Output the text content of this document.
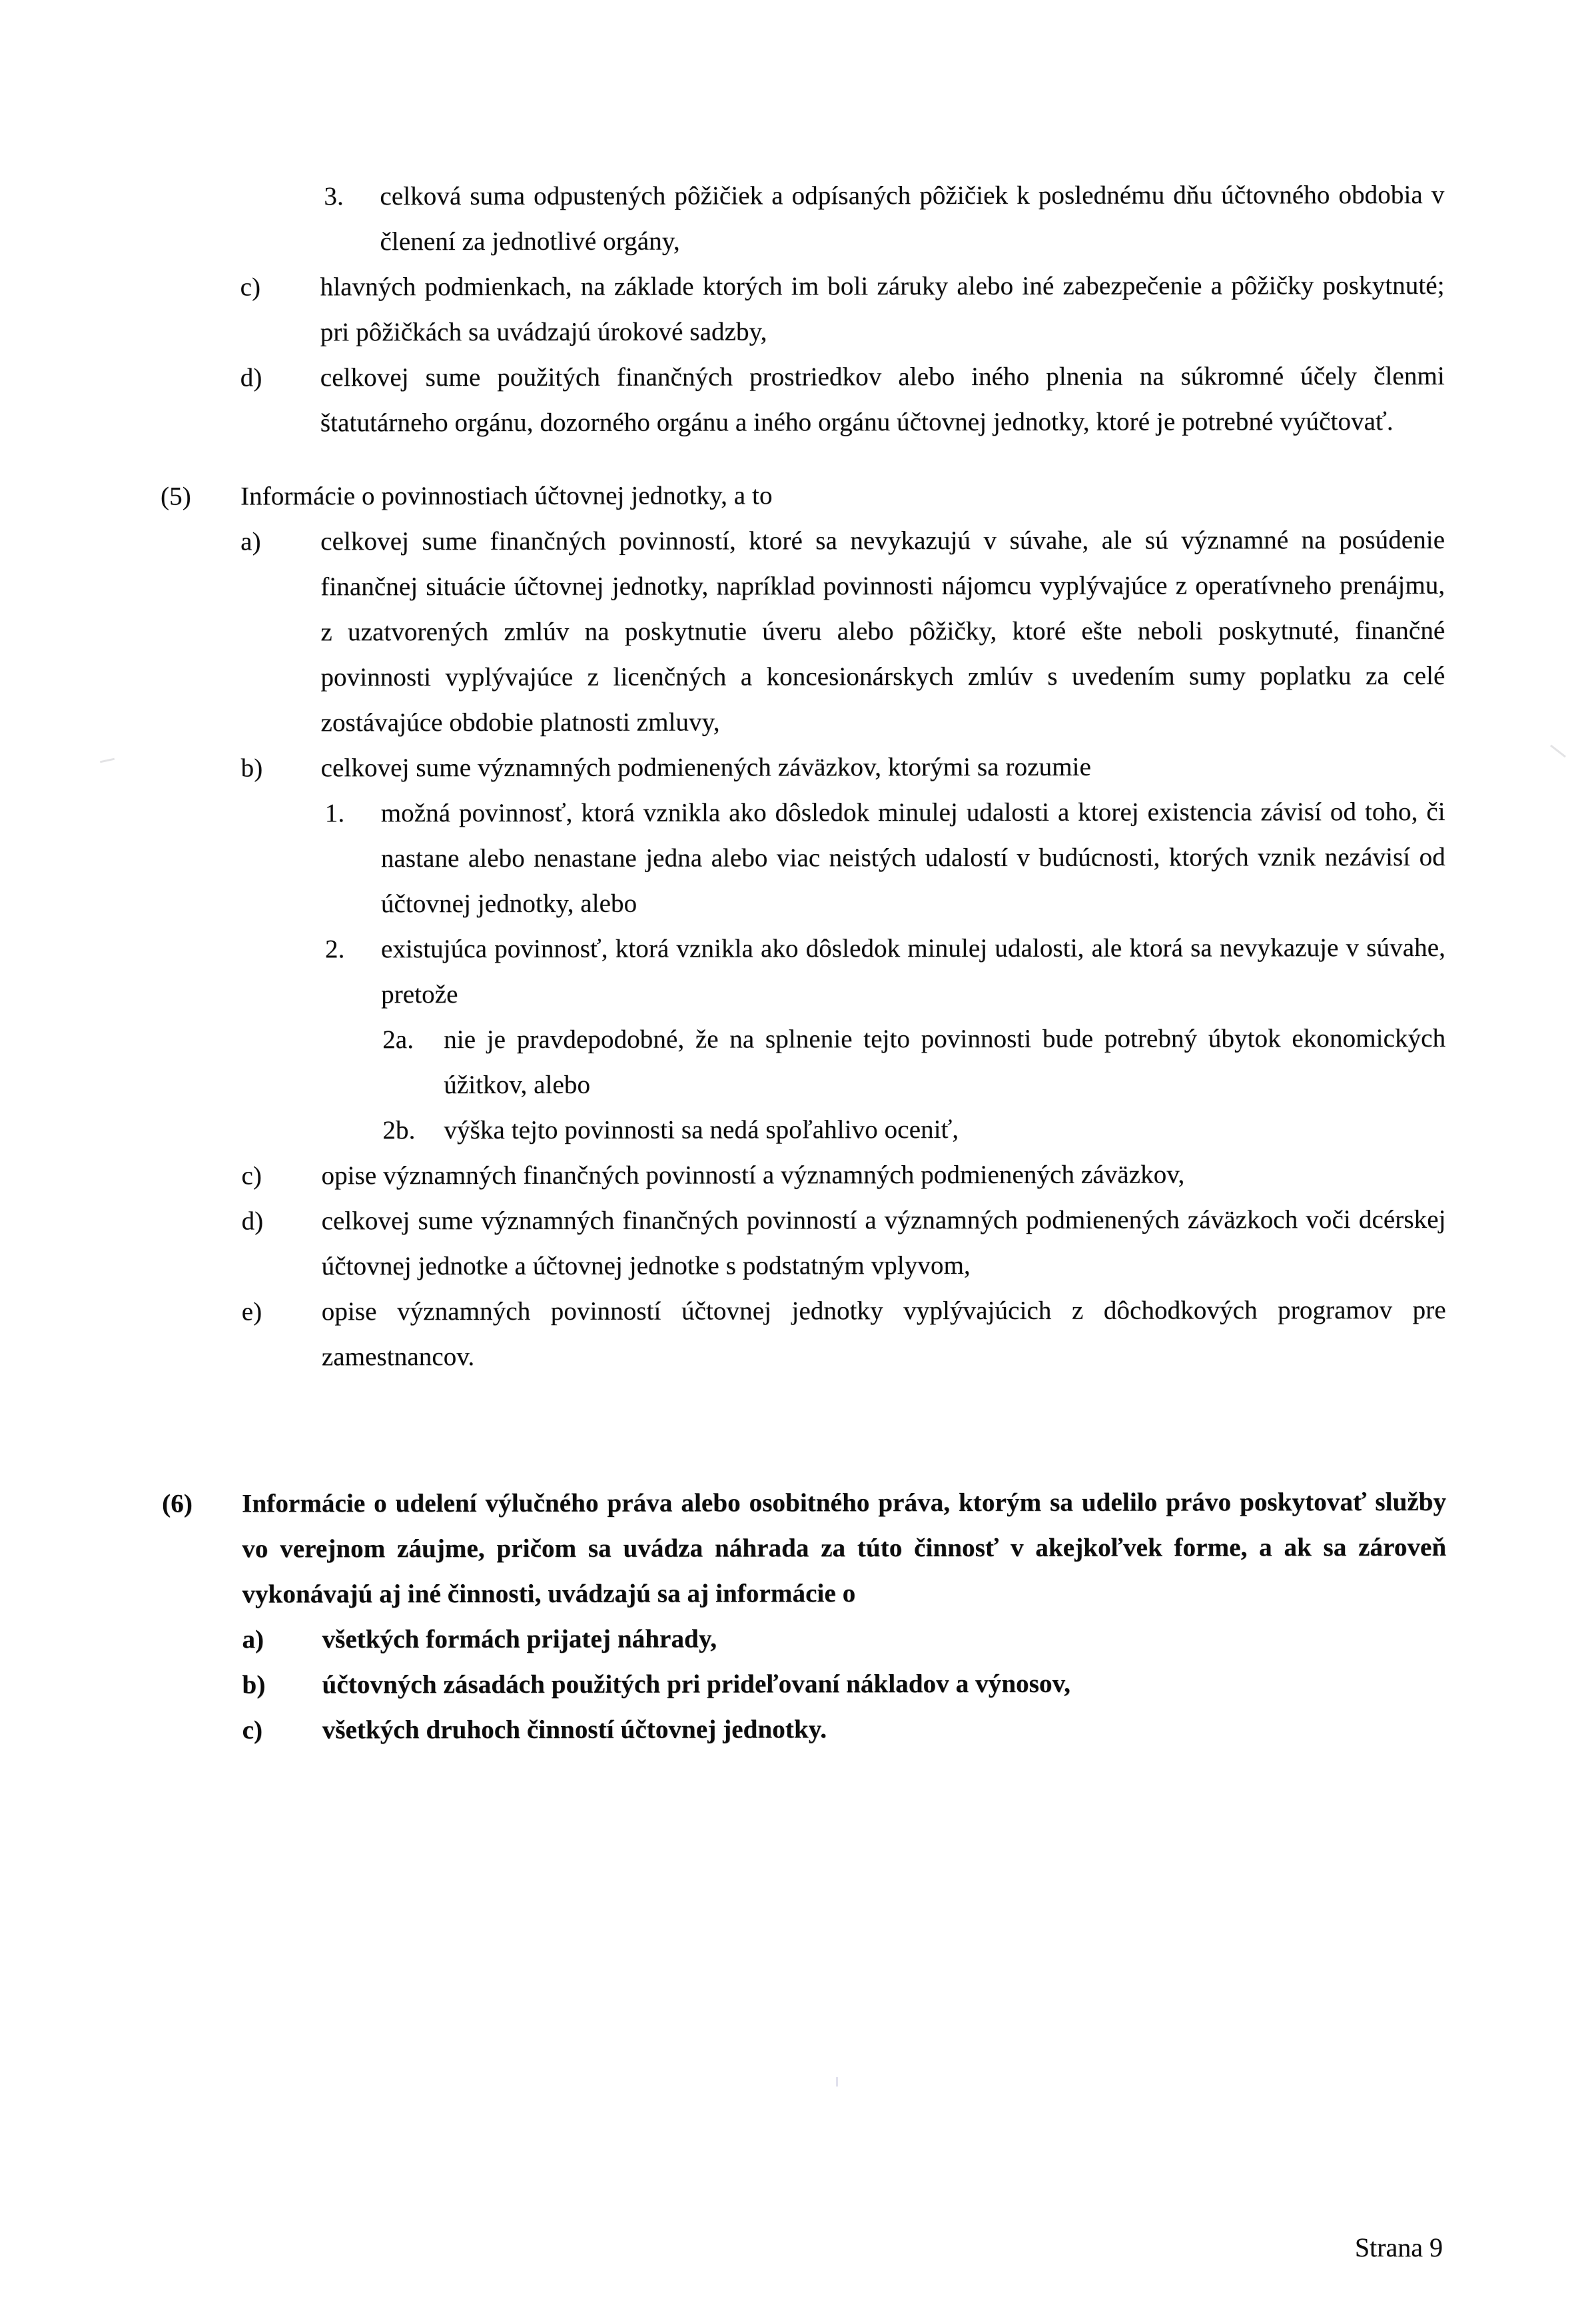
3. celková suma odpustených pôžičiek a odpísaných pôžičiek k poslednému dňu účtovného obdobia v členení za jednotlivé orgány,
c) hlavných podmienkach, na základe ktorých im boli záruky alebo iné zabezpečenie a pôžičky poskytnuté; pri pôžičkách sa uvádzajú úrokové sadzby,
d) celkovej sume použitých finančných prostriedkov alebo iného plnenia na súkromné účely členmi štatutárneho orgánu, dozorného orgánu a iného orgánu účtovnej jednotky, ktoré je potrebné vyúčtovať.
(5) Informácie o povinnostiach účtovnej jednotky, a to
a) celkovej sume finančných povinností, ktoré sa nevykazujú v súvahe, ale sú významné na posúdenie finančnej situácie účtovnej jednotky, napríklad povinnosti nájomcu vyplývajúce z operatívneho prenájmu, z uzatvorených zmlúv na poskytnutie úveru alebo pôžičky, ktoré ešte neboli poskytnuté, finančné povinnosti vyplývajúce z licenčných a koncesionárskych zmlúv s uvedením sumy poplatku za celé zostávajúce obdobie platnosti zmluvy,
b) celkovej sume významných podmienených záväzkov, ktorými sa rozumie
1. možná povinnosť, ktorá vznikla ako dôsledok minulej udalosti a ktorej existencia závisí od toho, či nastane alebo nenastane jedna alebo viac neistých udalostí v budúcnosti, ktorých vznik nezávisí od účtovnej jednotky, alebo
2. existujúca povinnosť, ktorá vznikla ako dôsledok minulej udalosti, ale ktorá sa nevykazuje v súvahe, pretože
2a. nie je pravdepodobné, že na splnenie tejto povinnosti bude potrebný úbytok ekonomických úžitkov, alebo
2b. výška tejto povinnosti sa nedá spoľahlivo oceniť,
c) opise významných finančných povinností a významných podmienených záväzkov,
d) celkovej sume významných finančných povinností a významných podmienených záväzkoch voči dcérskej účtovnej jednotke a účtovnej jednotke s podstatným vplyvom,
e) opise významných povinností účtovnej jednotky vyplývajúcich z dôchodkových programov pre zamestnancov.
(6) Informácie o udelení výlučného práva alebo osobitného práva, ktorým sa udelilo právo poskytovať služby vo verejnom záujme, pričom sa uvádza náhrada za túto činnosť v akejkoľvek forme, a ak sa zároveň vykonávajú aj iné činnosti, uvádzajú sa aj informácie o
a) všetkých formách prijatej náhrady,
b) účtovných zásadách použitých pri prideľovaní nákladov a výnosov,
c) všetkých druhoch činností účtovnej jednotky.
Strana 9
